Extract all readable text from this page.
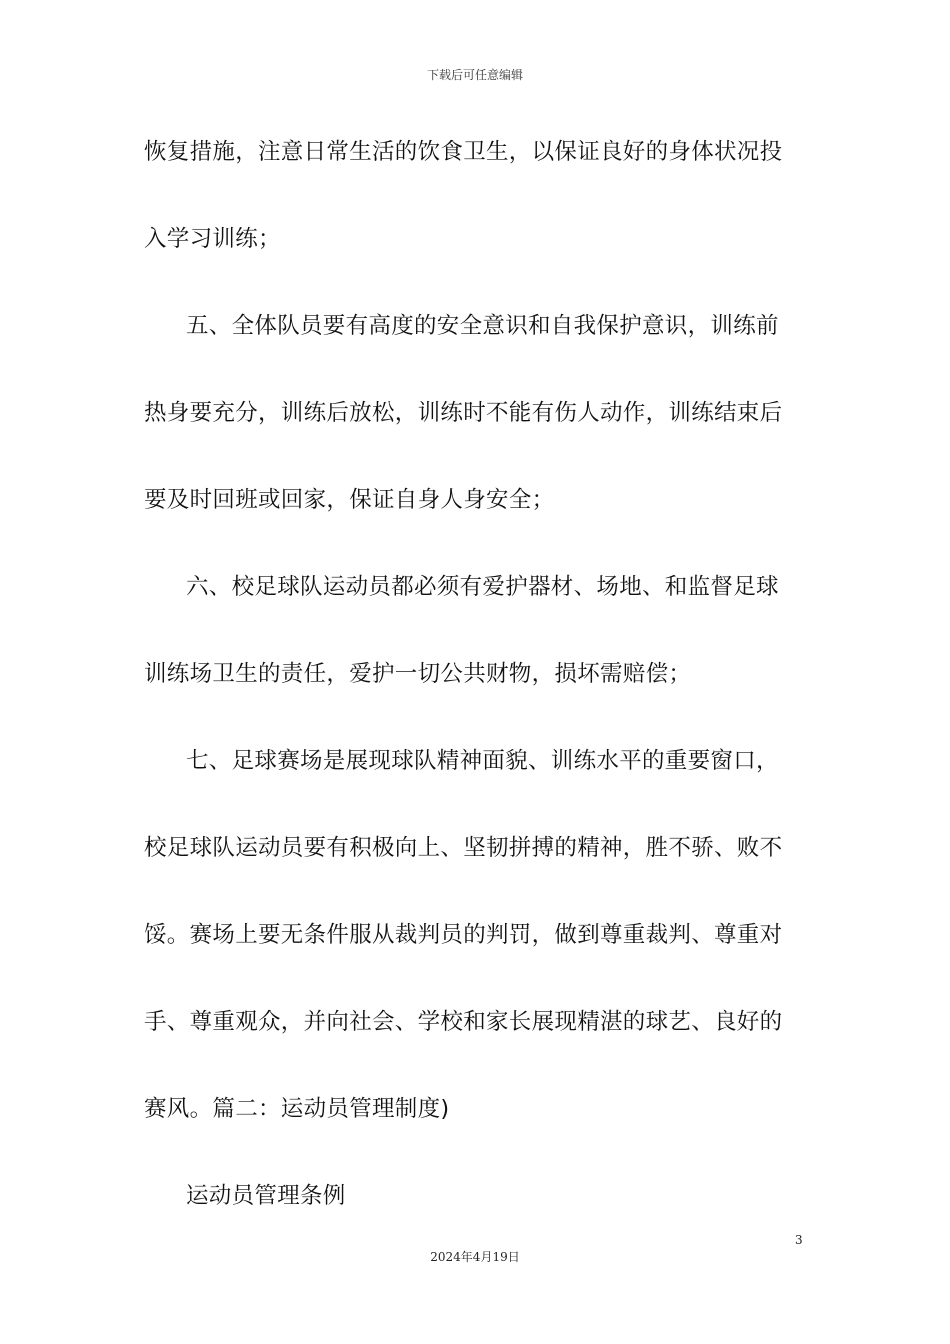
下载后可任意编辑
恢复措施，注意日常生活的饮食卫生，以保证良好的身体状况投
入学习训练；
五、全体队员要有高度的安全意识和自我保护意识，训练前
热身要充分，训练后放松，训练时不能有伤人动作，训练结束后
要及时回班或回家，保证自身人身安全；
六、校足球队运动员都必须有爱护器材、场地、和监督足球
训练场卫生的责任，爱护一切公共财物，损坏需赔偿；
七、足球赛场是展现球队精神面貌、训练水平的重要窗口，
校足球队运动员要有积极向上、坚韧拼搏的精神，胜不骄、败不
馁。赛场上要无条件服从裁判员的判罚，做到尊重裁判、尊重对
手、尊重观众，并向社会、学校和家长展现精湛的球艺、良好的
赛风。篇二：运动员管理制度)
运动员管理条例
3
2024年4月19日
